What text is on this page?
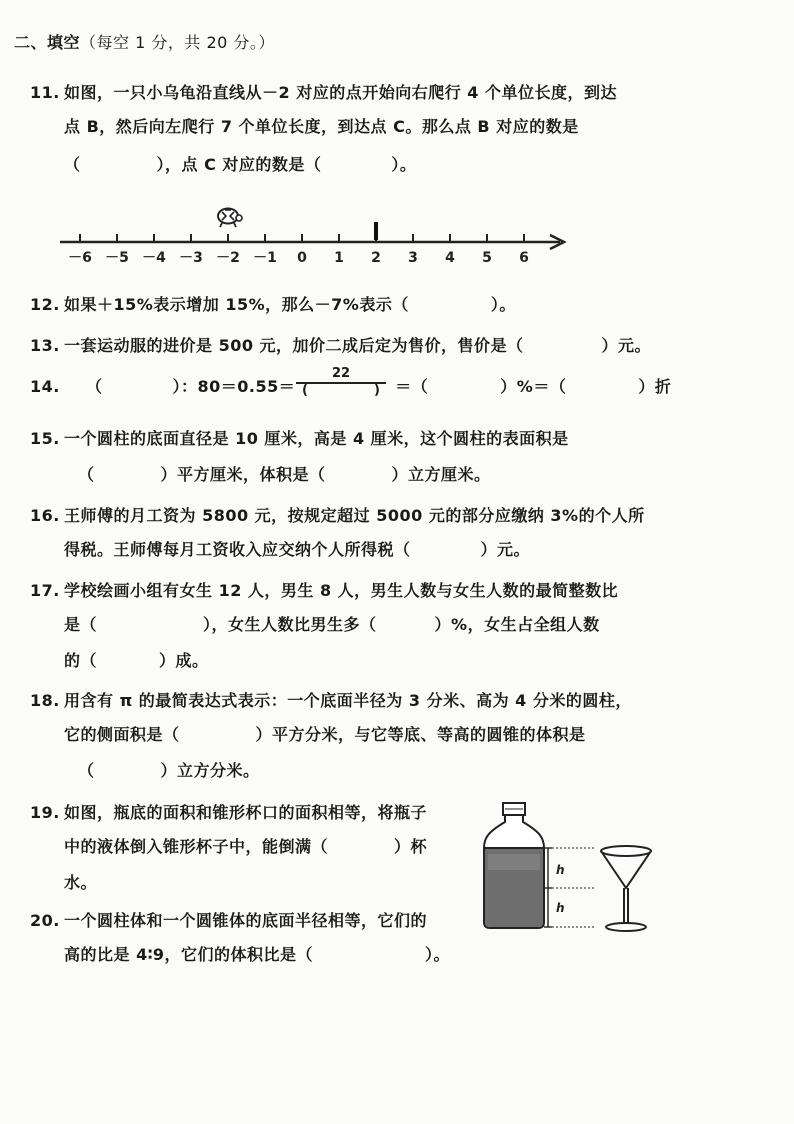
二、填空（每空 1 分，共 20 分。）
11. 如图，一只小乌龟沿直线从－2 对应的点开始向右爬行 4 个单位长度，到达
点 B，然后向左爬行 7 个单位长度，到达点 C。那么点 B 对应的数是
（	），点 C 对应的数是（	）。
－6 －5 －4 －3 －2 －1 0 1 2 3 4 5 6
12. 如果＋15%表示增加 15%，那么－7%表示（	）。
13. 一套运动服的进价是 500 元，加价二成后定为售价，售价是（	）元。
14. （	）：80＝0.55＝	＝（	）%＝（	）折
22
(	)
15. 一个圆柱的底面直径是 10 厘米，高是 4 厘米，这个圆柱的表面积是
（	）平方厘米，体积是（	）立方厘米。
16. 王师傅的月工资为 5800 元，按规定超过 5000 元的部分应缴纳 3%的个人所
得税。王师傅每月工资收入应交纳个人所得税（	）元。
17. 学校绘画小组有女生 12 人，男生 8 人，男生人数与女生人数的最简整数比
是（	），女生人数比男生多（	）%，女生占全组人数
的（	）成。
18. 用含有 π 的最简表达式表示：一个底面半径为 3 分米、高为 4 分米的圆柱，
它的侧面积是（	）平方分米，与它等底、等高的圆锥的体积是
（	）立方分米。
19. 如图，瓶底的面积和锥形杯口的面积相等，将瓶子
中的液体倒入锥形杯子中，能倒满（	）杯
水。
20. 一个圆柱体和一个圆锥体的底面半径相等，它们的
高的比是 4∶9，它们的体积比是（	）。
h
h
